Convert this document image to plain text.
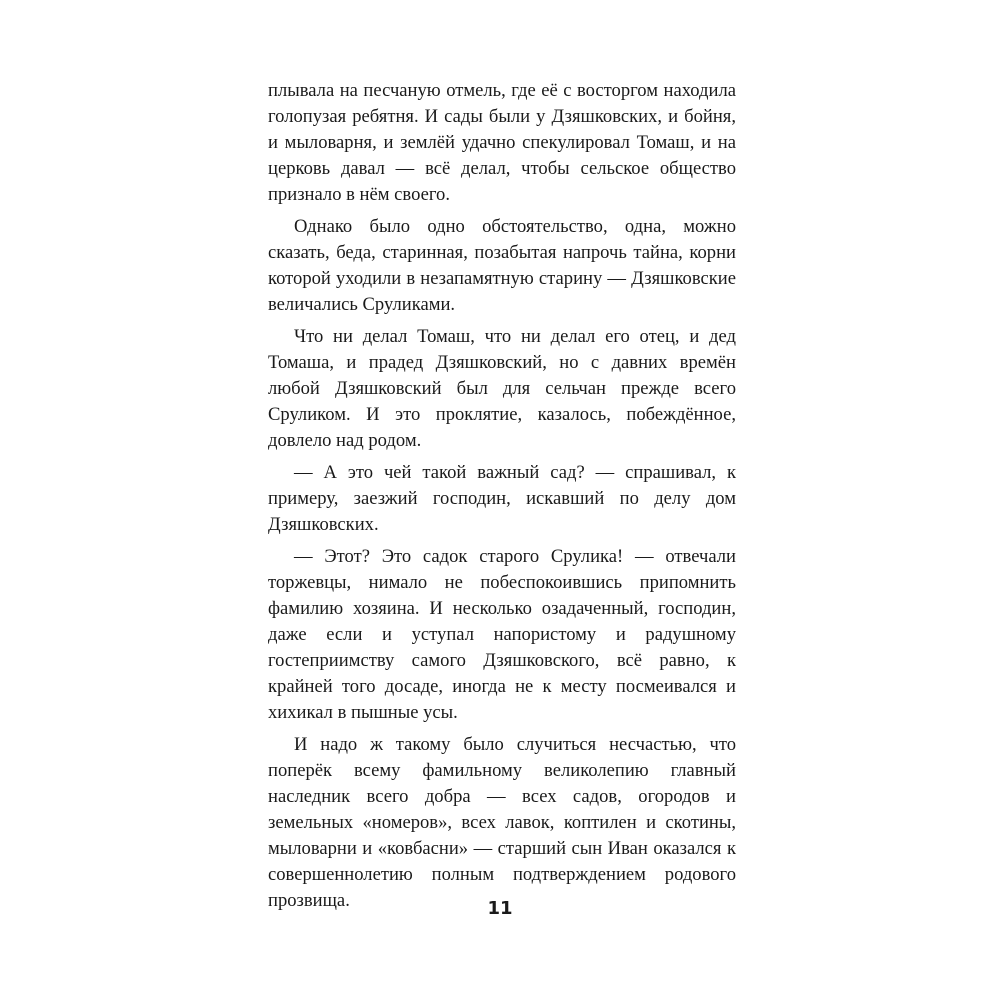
плывала на песчаную отмель, где её с восторгом находила голопузая ребятня. И сады были у Дзяшковских, и бойня, и мыловарня, и землёй удачно спекулировал Томаш, и на церковь давал — всё делал, чтобы сельское общество признало в нём своего.

Однако было одно обстоятельство, одна, можно сказать, беда, старинная, позабытая напрочь тайна, корни которой уходили в незапамятную старину — Дзяшковские величались Сруликами.

Что ни делал Томаш, что ни делал его отец, и дед Томаша, и прадед Дзяшковский, но с давних времён любой Дзяшковский был для сельчан прежде всего Сруликом. И это проклятие, казалось, побеждённое, довлело над родом.

— А это чей такой важный сад? — спрашивал, к примеру, заезжий господин, искавший по делу дом Дзяшковских.

— Этот? Это садок старого Срулика! — отвечали торжевцы, нимало не побеспокоившись припомнить фамилию хозяина. И несколько озадаченный, господин, даже если и уступал напористому и радушному гостеприимству самого Дзяшковского, всё равно, к крайней того досаде, иногда не к месту посмеивался и хихикал в пышные усы.

И надо ж такому было случиться несчастью, что поперёк всему фамильному великолепию главный наследник всего добра — всех садов, огородов и земельных «номеров», всех лавок, коптилен и скотины, мыловарни и «ковбасни» — старший сын Иван оказался к совершеннолетию полным подтверждением родового прозвища.	11
